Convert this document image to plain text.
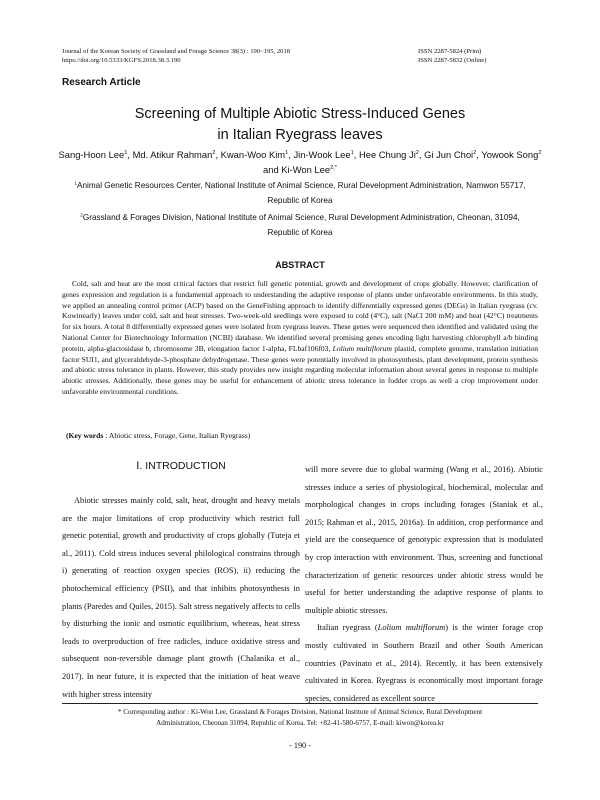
Journal of the Korean Society of Grassland and Forage Science 38(3) : 190~195, 2018
https://doi.org/10.5333/KGFS.2018.38.3.190
ISSN 2287-5824 (Print)
ISSN 2287-5832 (Online)
Research Article
Screening of Multiple Abiotic Stress-Induced Genes
in Italian Ryegrass leaves
Sang-Hoon Lee$^1$, Md. Atikur Rahman$^2$, Kwan-Woo Kim$^1$, Jin-Wook Lee$^1$, Hee Chung Ji$^2$, Gi Jun Choi$^2$, Yowook Song$^2$ and Ki-Won Lee$^{2,*}$
$^1$Animal Genetic Resources Center, National Institute of Animal Science, Rural Development Administration, Namwon 55717, Republic of Korea
$^2$Grassland & Forages Division, National Institute of Animal Science, Rural Development Administration, Cheonan, 31094, Republic of Korea
ABSTRACT

Cold, salt and heat are the most critical factors that restrict full genetic potential, growth and development of crops globally. However, clarification of genes expression and regulation is a fundamental approach to understanding the adaptive response of plants under unfavorable environments. In this study, we applied an annealing control primer (ACP) based on the GeneFishing approach to identify differentially expressed genes (DEGs) in Italian ryegrass (cv. Kowinearly) leaves under cold, salt and heat stresses. Two-week-old seedlings were exposed to cold (4°C), salt (NaCl 200 mM) and heat (42°C) treatments for six hours. A total 8 differentially expressed genes were isolated from ryegrass leaves. These genes were sequenced then identified and validated using the National Center for Biotechnology Information (NCBI) database. We identified several promising genes encoding light harvesting chlorophyll a/b binding protein, alpha-glactosidase b, chromosome 3B, elongation factor 1-alpha, FLbaf106f03, Lolium multiflorum plastid, complete genome, translation initiation factor SUI1, and glyceraldehyde-3-phosphate dehydrogenase. These genes were potentially involved in photosynthesis, plant development, protein synthesis and abiotic stress tolerance in plants. However, this study provides new insight regarding molecular information about several genes in response to multiple abiotic stresses. Additionally, these genes may be useful for enhancement of abiotic stress tolerance in fodder crops as well a crop improvement under unfavorable environmental conditions.

(Key words : Abiotic stress, Forage, Gene, Italian Ryegrass)
Ⅰ. INTRODUCTION

Abiotic stresses mainly cold, salt, heat, drought and heavy metals are the major limitations of crop productivity which restrict full genetic potential, growth and productivity of crops globally (Tuteja et al., 2011). Cold stress induces several philological constrains through i) generating of reaction oxygen species (ROS), ii) reducing the photochemical efficiency (PSII), and that inhibits photosynthesis in plants (Paredes and Quiles, 2015). Salt stress negatively affects to cells by disturbing the ionic and osmotic equilibrium, whereas, heat stress leads to overproduction of free radicles, induce oxidative stress and subsequent non-reversible damage plant growth (Chalanika et al., 2017). In near future, it is expected that the initiation of heat weave with higher stress intensity

will more severe due to global warming (Wang et al., 2016). Abiotic stresses induce a series of physiological, biochemical, molecular and morphological changes in crops including forages (Staniak et al., 2015; Rahman et al., 2015, 2016a). In addition, crop performance and yield are the consequence of genotypic expression that is modulated by crop interaction with environment. Thus, screening and functional characterization of genetic resources under abiotic stress would be useful for better understanding the adaptive response of plants to multiple abiotic stresses.

Italian ryegrass (Lolium multiflorum) is the winter forage crop mostly cultivated in Southern Brazil and other South American countries (Pavinato et al., 2014). Recently, it has been extensively cultivated in Korea. Ryegrass is economically most important forage species, considered as excellent source

* Corresponding author : Ki-Won Lee, Grassland & Forages Division, National Institute of Animal Science, Rural Development
Administration, Cheonan 31094, Republic of Korea. Tel: +82-41-580-6757, E-mail: kiwon@korea.kr
- 190 -
